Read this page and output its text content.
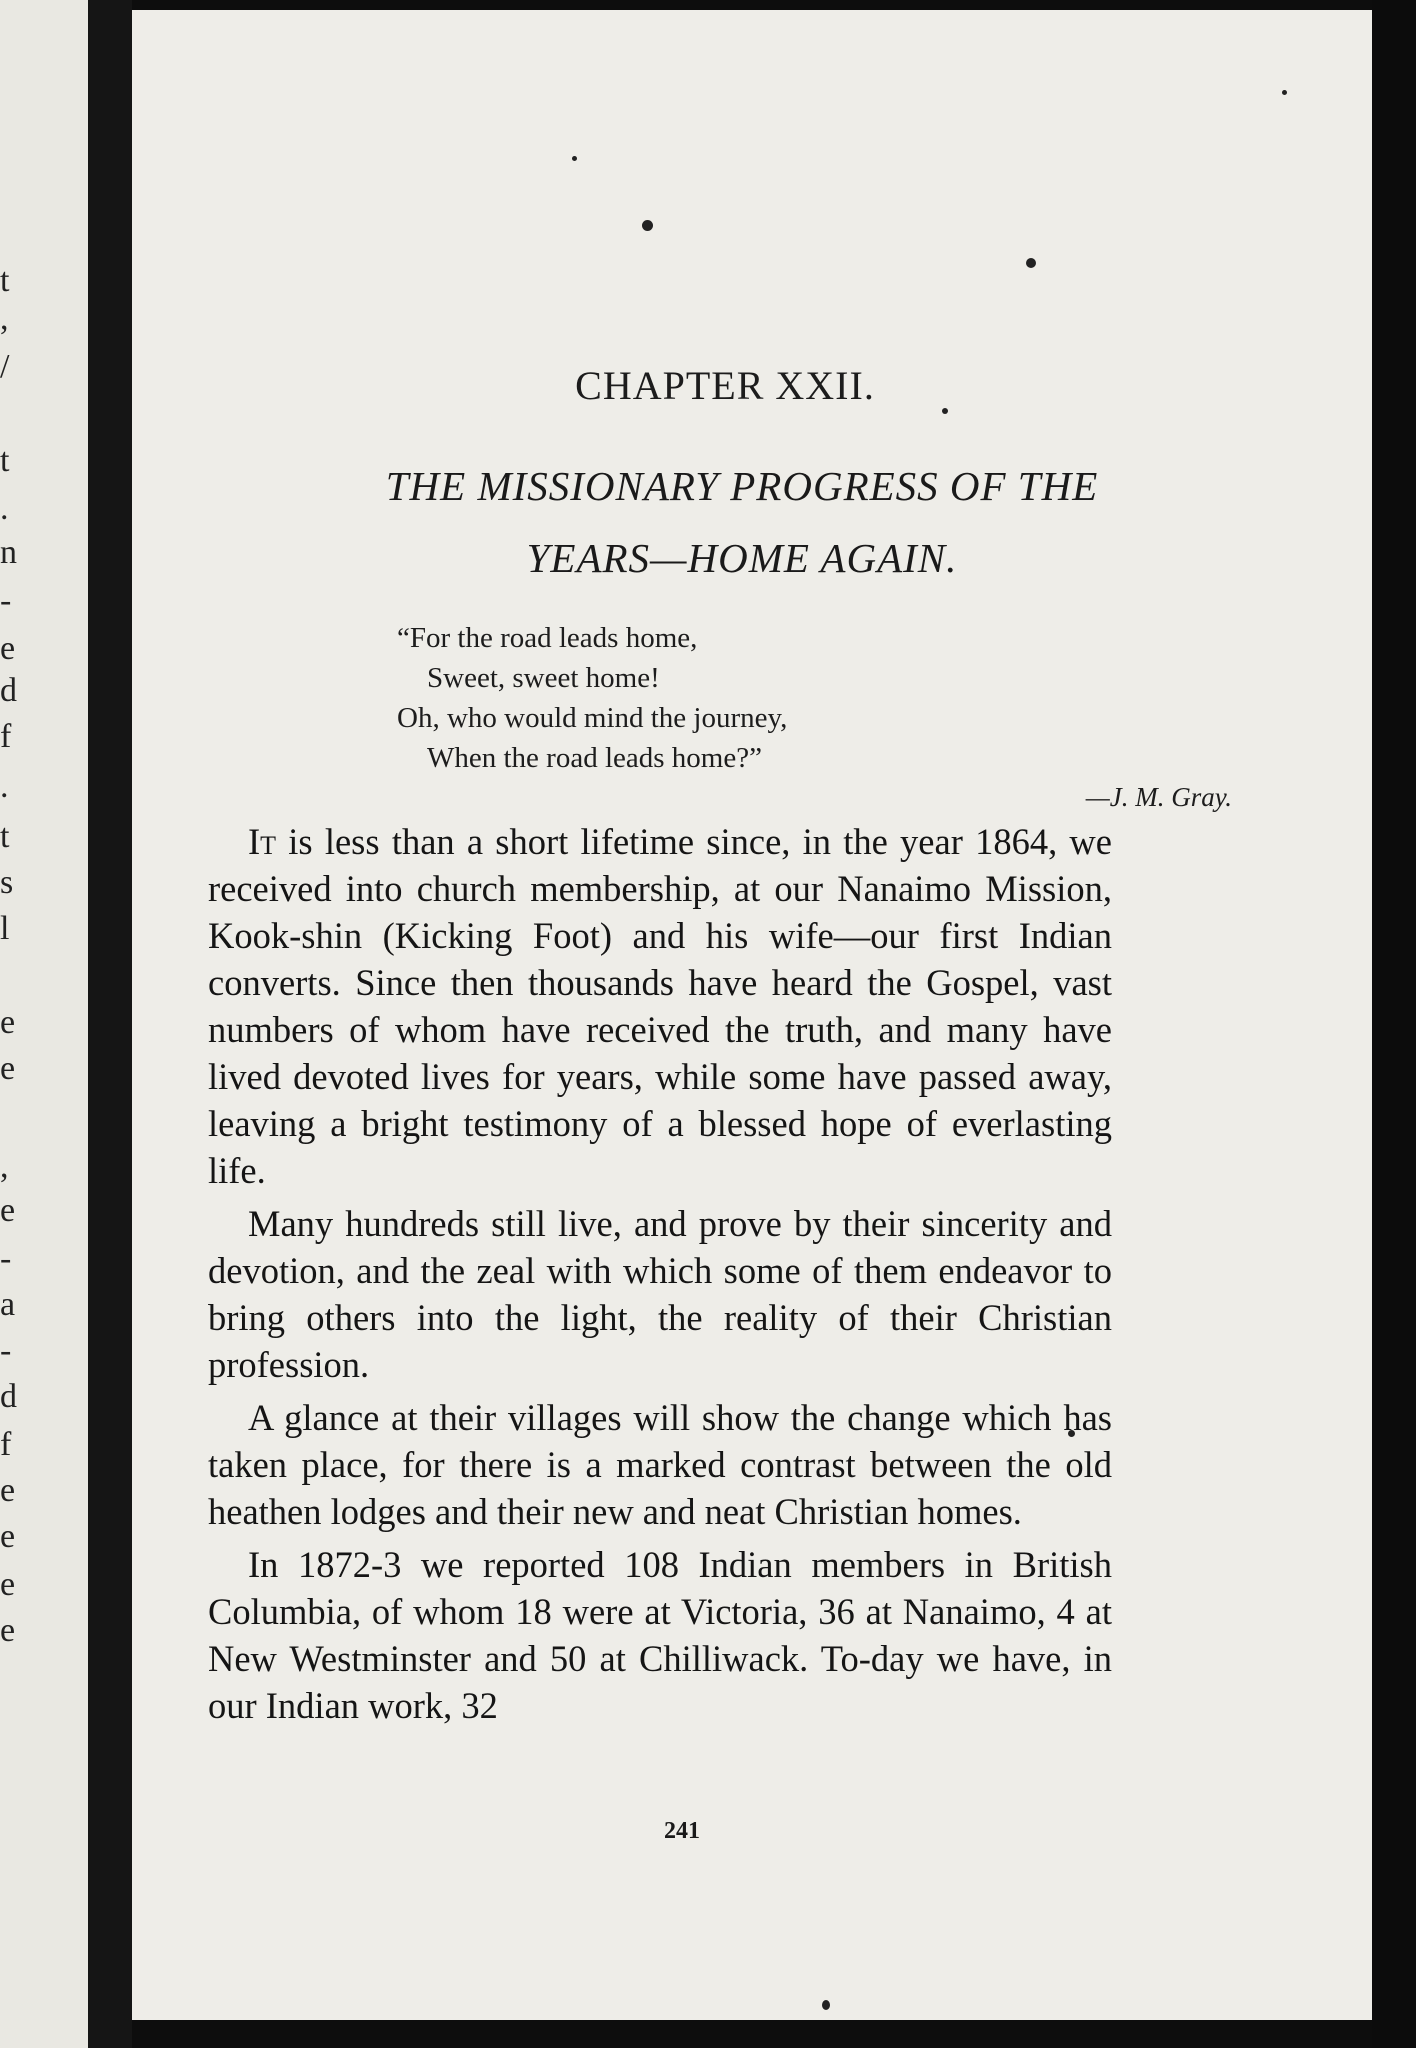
t
,
/
t
.
n
-
e
d
f
.
t
s
l
e
e
,
e
-
a
-
d
f
e
e
e
e
CHAPTER XXII.
THE MISSIONARY PROGRESS OF THE
YEARS—HOME AGAIN.
“For the road leads home,
Sweet, sweet home!
Oh, who would mind the journey,
When the road leads home?”
—J. M. Gray.

It is less than a short lifetime since, in the year 1864, we received into church membership, at our Nanaimo Mission, Kook-shin (Kicking Foot) and his wife—our first Indian converts. Since then thousands have heard the Gospel, vast numbers of whom have received the truth, and many have lived devoted lives for years, while some have passed away, leaving a bright testimony of a blessed hope of everlasting life.

Many hundreds still live, and prove by their sincerity and devotion, and the zeal with which some of them endeavor to bring others into the light, the reality of their Christian profession.

A glance at their villages will show the change which has taken place, for there is a marked contrast between the old heathen lodges and their new and neat Christian homes.

In 1872-3 we reported 108 Indian members in British Columbia, of whom 18 were at Victoria, 36 at Nanaimo, 4 at New Westminster and 50 at Chilliwack. To-day we have, in our Indian work, 32

241
